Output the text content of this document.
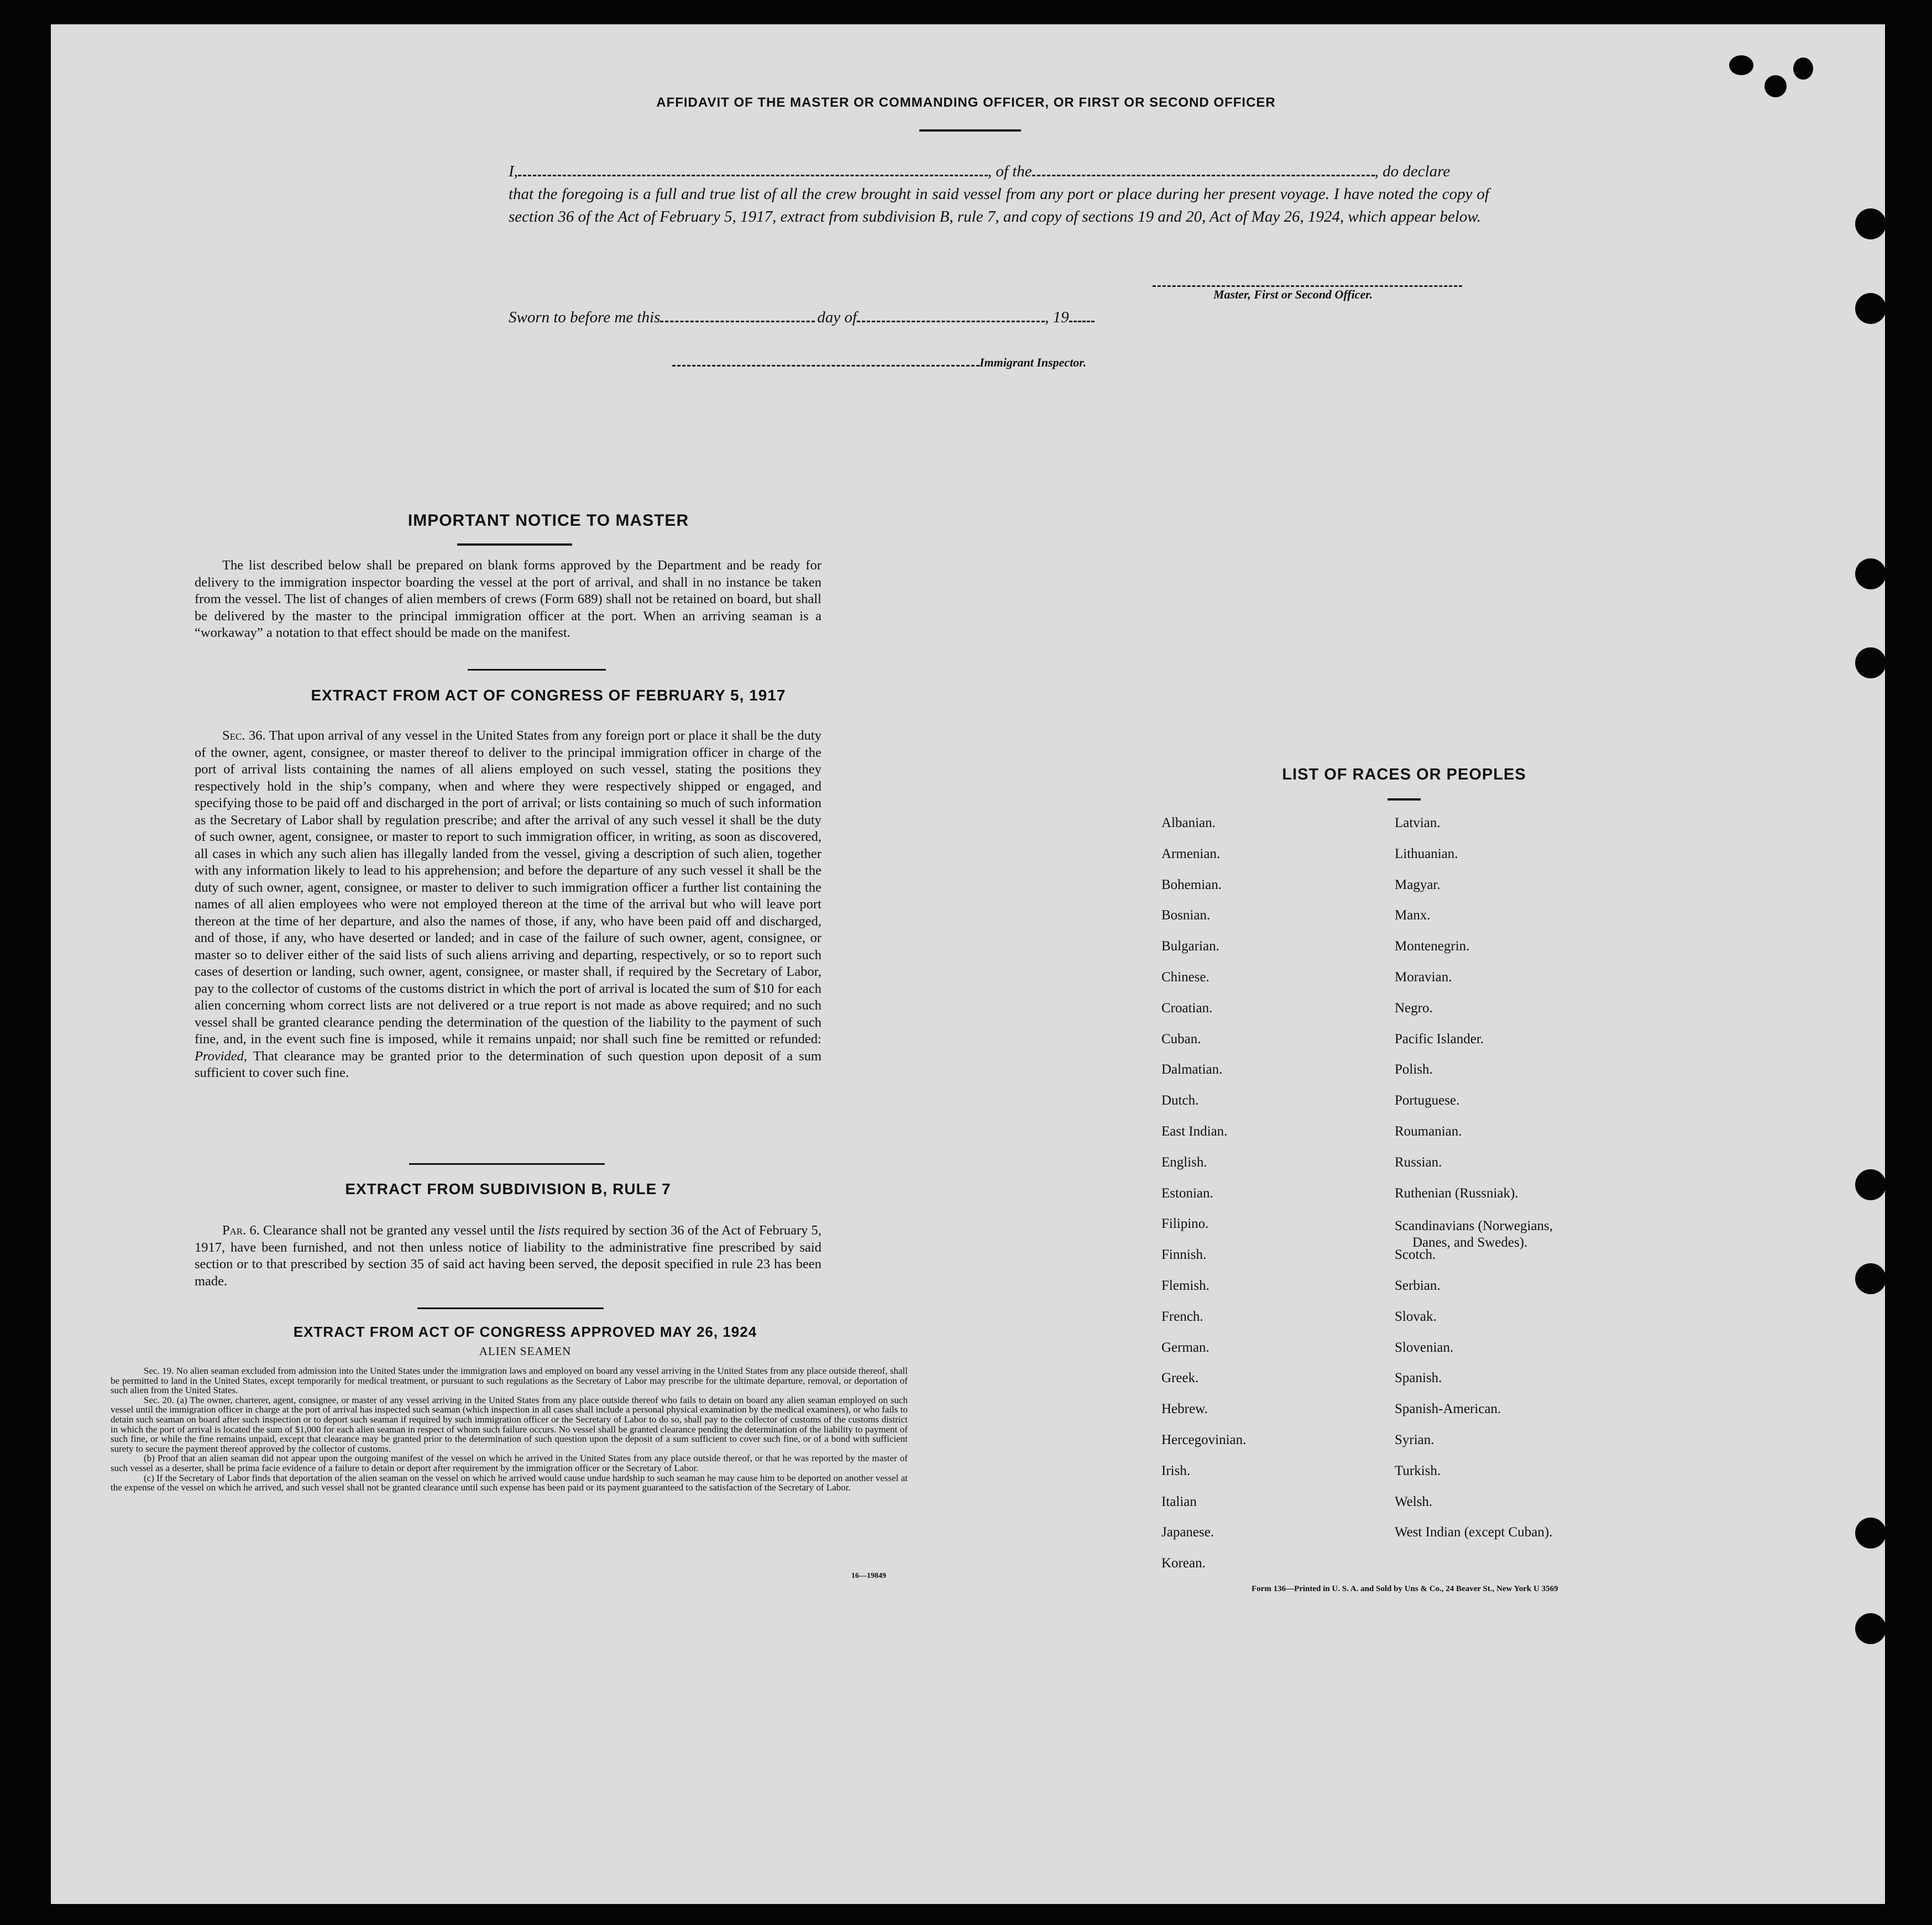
AFFIDAVIT OF THE MASTER OR COMMANDING OFFICER, OR FIRST OR SECOND OFFICER
I,	, of the	, do declare
that the foregoing is a full and true list of all the crew brought in said vessel from any port or place during her present voyage. I have noted the copy of section 36 of the Act of February 5, 1917, extract from subdivision B, rule 7, and copy of sections 19 and 20, Act of May 26, 1924, which appear below.
Master, First or Second Officer.
Sworn to before me this	day of	, 19
Immigrant Inspector.
IMPORTANT NOTICE TO MASTER

The list described below shall be prepared on blank forms approved by the Department and be ready for delivery to the immigration inspector boarding the vessel at the port of arrival, and shall in no instance be taken from the vessel. The list of changes of alien members of crews (Form 689) shall not be retained on board, but shall be delivered by the master to the principal immigration officer at the port. When an arriving seaman is a “workaway” a notation to that effect should be made on the manifest.

EXTRACT FROM ACT OF CONGRESS OF FEBRUARY 5, 1917

Sec. 36. That upon arrival of any vessel in the United States from any foreign port or place it shall be the duty of the owner, agent, consignee, or master thereof to deliver to the principal immigration officer in charge of the port of arrival lists containing the names of all aliens employed on such vessel, stating the positions they respectively hold in the ship’s company, when and where they were respectively shipped or engaged, and specifying those to be paid off and discharged in the port of arrival; or lists containing so much of such information as the Secretary of Labor shall by regulation prescribe; and after the arrival of any such vessel it shall be the duty of such owner, agent, consignee, or master to report to such immigration officer, in writing, as soon as discovered, all cases in which any such alien has illegally landed from the vessel, giving a description of such alien, together with any information likely to lead to his apprehension; and before the departure of any such vessel it shall be the duty of such owner, agent, consignee, or master to deliver to such immigration officer a further list containing the names of all alien employees who were not employed thereon at the time of the arrival but who will leave port thereon at the time of her departure, and also the names of those, if any, who have been paid off and discharged, and of those, if any, who have deserted or landed; and in case of the failure of such owner, agent, consignee, or master so to deliver either of the said lists of such aliens arriving and departing, respectively, or so to report such cases of desertion or landing, such owner, agent, consignee, or master shall, if required by the Secretary of Labor, pay to the collector of customs of the customs district in which the port of arrival is located the sum of $10 for each alien concerning whom correct lists are not delivered or a true report is not made as above required; and no such vessel shall be granted clearance pending the determination of the question of the liability to the payment of such fine, and, in the event such fine is imposed, while it remains unpaid; nor shall such fine be remitted or refunded: Provided, That clearance may be granted prior to the determination of such question upon deposit of a sum sufficient to cover such fine.

EXTRACT FROM SUBDIVISION B, RULE 7

Par. 6. Clearance shall not be granted any vessel until the lists required by section 36 of the Act of February 5, 1917, have been furnished, and not then unless notice of liability to the administrative fine prescribed by said section or to that prescribed by section 35 of said act having been served, the deposit specified in rule 23 has been made.

EXTRACT FROM ACT OF CONGRESS APPROVED MAY 26, 1924
ALIEN SEAMEN

Sec. 19. No alien seaman excluded from admission into the United States under the immigration laws and employed on board any vessel arriving in the United States from any place outside thereof, shall be permitted to land in the United States, except temporarily for medical treatment, or pursuant to such regulations as the Secretary of Labor may prescribe for the ultimate departure, removal, or deportation of such alien from the United States.

Sec. 20. (a) The owner, charterer, agent, consignee, or master of any vessel arriving in the United States from any place outside thereof who fails to detain on board any alien seaman employed on such vessel until the immigration officer in charge at the port of arrival has inspected such seaman (which inspection in all cases shall include a personal physical examination by the medical examiners), or who fails to detain such seaman on board after such inspection or to deport such seaman if required by such immigration officer or the Secretary of Labor to do so, shall pay to the collector of customs of the customs district in which the port of arrival is located the sum of $1,000 for each alien seaman in respect of whom such failure occurs. No vessel shall be granted clearance pending the determination of the liability to payment of such fine, or while the fine remains unpaid, except that clearance may be granted prior to the determination of such question upon the deposit of a sum sufficient to cover such fine, or of a bond with sufficient surety to secure the payment thereof approved by the collector of customs.

(b) Proof that an alien seaman did not appear upon the outgoing manifest of the vessel on which he arrived in the United States from any place outside thereof, or that he was reported by the master of such vessel as a deserter, shall be prima facie evidence of a failure to detain or deport after requirement by the immigration officer or the Secretary of Labor.

(c) If the Secretary of Labor finds that deportation of the alien seaman on the vessel on which he arrived would cause undue hardship to such seaman he may cause him to be deported on another vessel at the expense of the vessel on which he arrived, and such vessel shall not be granted clearance until such expense has been paid or its payment guaranteed to the satisfaction of the Secretary of Labor.

16—19849
LIST OF RACES OR PEOPLES
Albanian.
Armenian.
Bohemian.
Bosnian.
Bulgarian.
Chinese.
Croatian.
Cuban.
Dalmatian.
Dutch.
East Indian.
English.
Estonian.
Filipino.
Finnish.
Flemish.
French.
German.
Greek.
Hebrew.
Hercegovinian.
Irish.
Italian
Japanese.
Korean.
Latvian.
Lithuanian.
Magyar.
Manx.
Montenegrin.
Moravian.
Negro.
Pacific Islander.
Polish.
Portuguese.
Roumanian.
Russian.
Ruthenian (Russniak).
Scandinavians (Norwegians,
Danes, and Swedes).
Scotch.
Serbian.
Slovak.
Slovenian.
Spanish.
Spanish-American.
Syrian.
Turkish.
Welsh.
West Indian (except Cuban).
Form 136—Printed in U. S. A. and Sold by Uns & Co., 24 Beaver St., New York U 3569
